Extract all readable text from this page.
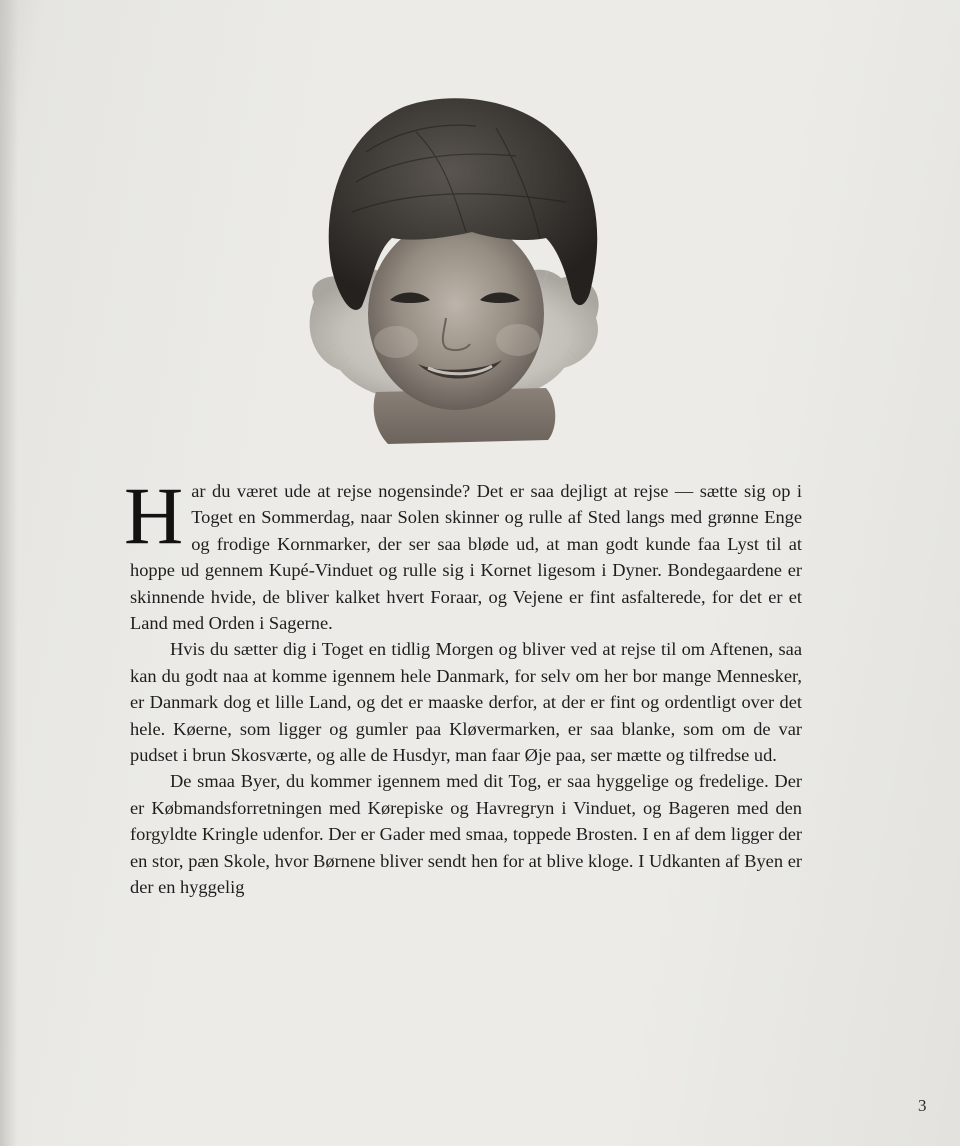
Har du været ude at rejse nogensinde? Det er saa dejligt at rejse — sætte sig op i Toget en Sommerdag, naar Solen skinner og rulle af Sted langs med grønne Enge og frodige Kornmarker, der ser saa bløde ud, at man godt kunde faa Lyst til at hoppe ud gennem Kupé-Vinduet og rulle sig i Kornet ligesom i Dyner. Bondegaardene er skinnende hvide, de bliver kalket hvert Foraar, og Vejene er fint asfalterede, for det er et Land med Orden i Sagerne.

Hvis du sætter dig i Toget en tidlig Morgen og bliver ved at rejse til om Aftenen, saa kan du godt naa at komme igennem hele Danmark, for selv om her bor mange Mennesker, er Danmark dog et lille Land, og det er maaske derfor, at der er fint og ordentligt over det hele. Køerne, som ligger og gumler paa Kløvermarken, er saa blanke, som om de var pudset i brun Skosværte, og alle de Husdyr, man faar Øje paa, ser mætte og tilfredse ud.

De smaa Byer, du kommer igennem med dit Tog, er saa hyggelige og fredelige. Der er Købmandsforretningen med Kørepiske og Havregryn i Vinduet, og Bageren med den forgyldte Kringle udenfor. Der er Gader med smaa, toppede Brosten. I en af dem ligger der en stor, pæn Skole, hvor Børnene bliver sendt hen for at blive kloge. I Udkanten af Byen er der en hyggelig

3
